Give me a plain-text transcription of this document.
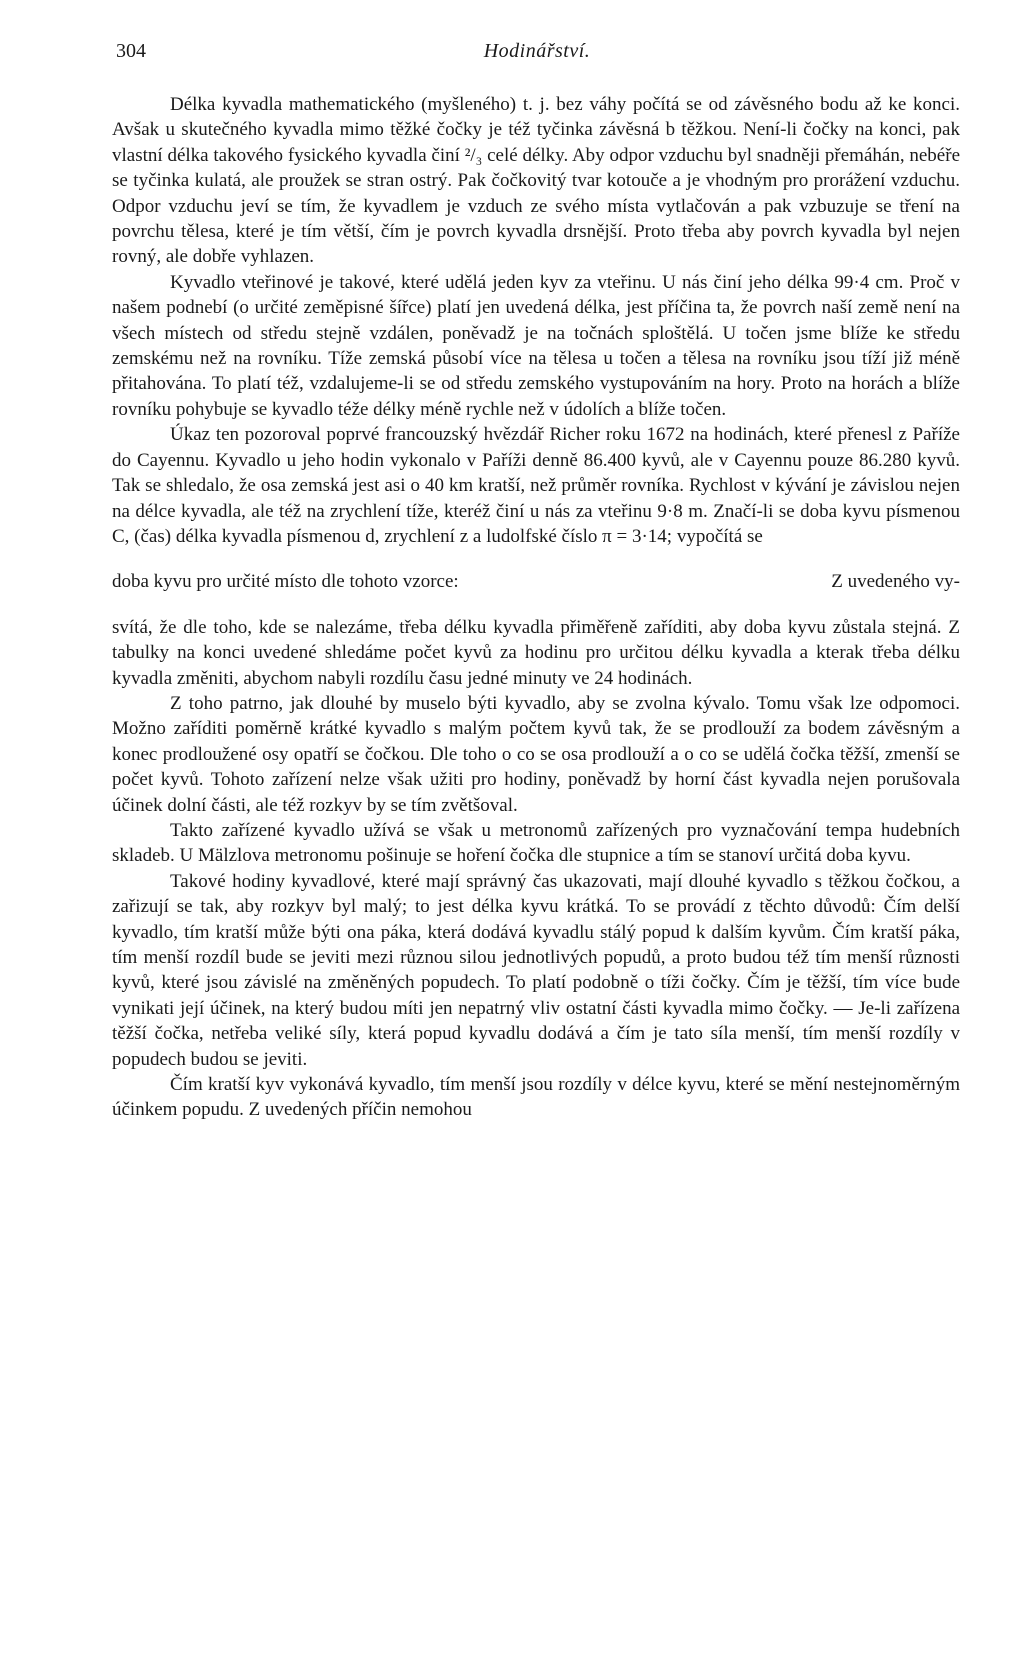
304	Hodinářství.

Délka kyvadla mathematického (myšleného) t. j. bez váhy počítá se od závěsného bodu až ke konci. Avšak u skutečného kyvadla mimo těžké čočky je též tyčinka závěsná b těžkou. Není-li čočky na konci, pak vlastní délka takového fysického kyvadla činí ²/₃ celé délky. Aby odpor vzduchu byl snadněji přemáhán, nebéře se tyčinka kulatá, ale proužek se stran ostrý. Pak čočkovitý tvar kotouče a je vhodným pro prorážení vzduchu. Odpor vzduchu jeví se tím, že kyvadlem je vzduch ze svého místa vytlačován a pak vzbuzuje se tření na povrchu tělesa, které je tím větší, čím je povrch kyvadla drsnější. Proto třeba aby povrch kyvadla byl nejen rovný, ale dobře vyhlazen.

Kyvadlo vteřinové je takové, které udělá jeden kyv za vteřinu. U nás činí jeho délka 99·4 cm. Proč v našem podnebí (o určité zeměpisné šířce) platí jen uvedená délka, jest příčina ta, že povrch naší země není na všech místech od středu stejně vzdálen, poněvadž je na točnách sploštělá. U točen jsme blíže ke středu zemskému než na rovníku. Tíže zemská působí více na tělesa u točen a tělesa na rovníku jsou tíží již méně přitahována. To platí též, vzdalujeme-li se od středu zemského vystupováním na hory. Proto na horách a blíže rovníku pohybuje se kyvadlo téže délky méně rychle než v údolích a blíže točen.

Úkaz ten pozoroval poprvé francouzský hvězdář Richer roku 1672 na hodinách, které přenesl z Paříže do Cayennu. Kyvadlo u jeho hodin vykonalo v Paříži denně 86.400 kyvů, ale v Cayennu pouze 86.280 kyvů. Tak se shledalo, že osa zemská jest asi o 40 km kratší, než průměr rovníka. Rychlost v kývání je závislou nejen na délce kyvadla, ale též na zrychlení tíže, kteréž činí u nás za vteřinu 9·8 m. Značí-li se doba kyvu písmenou C, (čas) délka kyvadla písmenou d, zrychlení z a ludolfské číslo π = 3·14; vypočítá se

doba kyvu pro určité místo dle tohoto vzorce:	Z uvedeného vy-

svítá, že dle toho, kde se nalezáme, třeba délku kyvadla přiměřeně zaříditi, aby doba kyvu zůstala stejná. Z tabulky na konci uvedené shledáme počet kyvů za hodinu pro určitou délku kyvadla a kterak třeba délku kyvadla změniti, abychom nabyli rozdílu času jedné minuty ve 24 hodinách.

Z toho patrno, jak dlouhé by muselo býti kyvadlo, aby se zvolna kývalo. Tomu však lze odpomoci. Možno zaříditi poměrně krátké kyvadlo s malým počtem kyvů tak, že se prodlouží za bodem závěsným a konec prodloužené osy opatří se čočkou. Dle toho o co se osa prodlouží a o co se udělá čočka těžší, zmenší se počet kyvů. Tohoto zařízení nelze však užiti pro hodiny, poněvadž by horní část kyvadla nejen porušovala účinek dolní části, ale též rozkyv by se tím zvětšoval.

Takto zařízené kyvadlo užívá se však u metronomů zařízených pro vyznačování tempa hudebních skladeb. U Mälzlova metronomu pošinuje se hoření čočka dle stupnice a tím se stanoví určitá doba kyvu.

Takové hodiny kyvadlové, které mají správný čas ukazovati, mají dlouhé kyvadlo s těžkou čočkou, a zařizují se tak, aby rozkyv byl malý; to jest délka kyvu krátká. To se provádí z těchto důvodů: Čím delší kyvadlo, tím kratší může býti ona páka, která dodává kyvadlu stálý popud k dalším kyvům. Čím kratší páka, tím menší rozdíl bude se jeviti mezi různou silou jednotlivých popudů, a proto budou též tím menší různosti kyvů, které jsou závislé na změněných popudech. To platí podobně o tíži čočky. Čím je těžší, tím více bude vynikati její účinek, na který budou míti jen nepatrný vliv ostatní části kyvadla mimo čočky. — Je-li zařízena těžší čočka, netřeba veliké síly, která popud kyvadlu dodává a čím je tato síla menší, tím menší rozdíly v popudech budou se jeviti.

Čím kratší kyv vykonává kyvadlo, tím menší jsou rozdíly v délce kyvu, které se mění nestejnoměrným účinkem popudu. Z uvedených příčin nemohou
